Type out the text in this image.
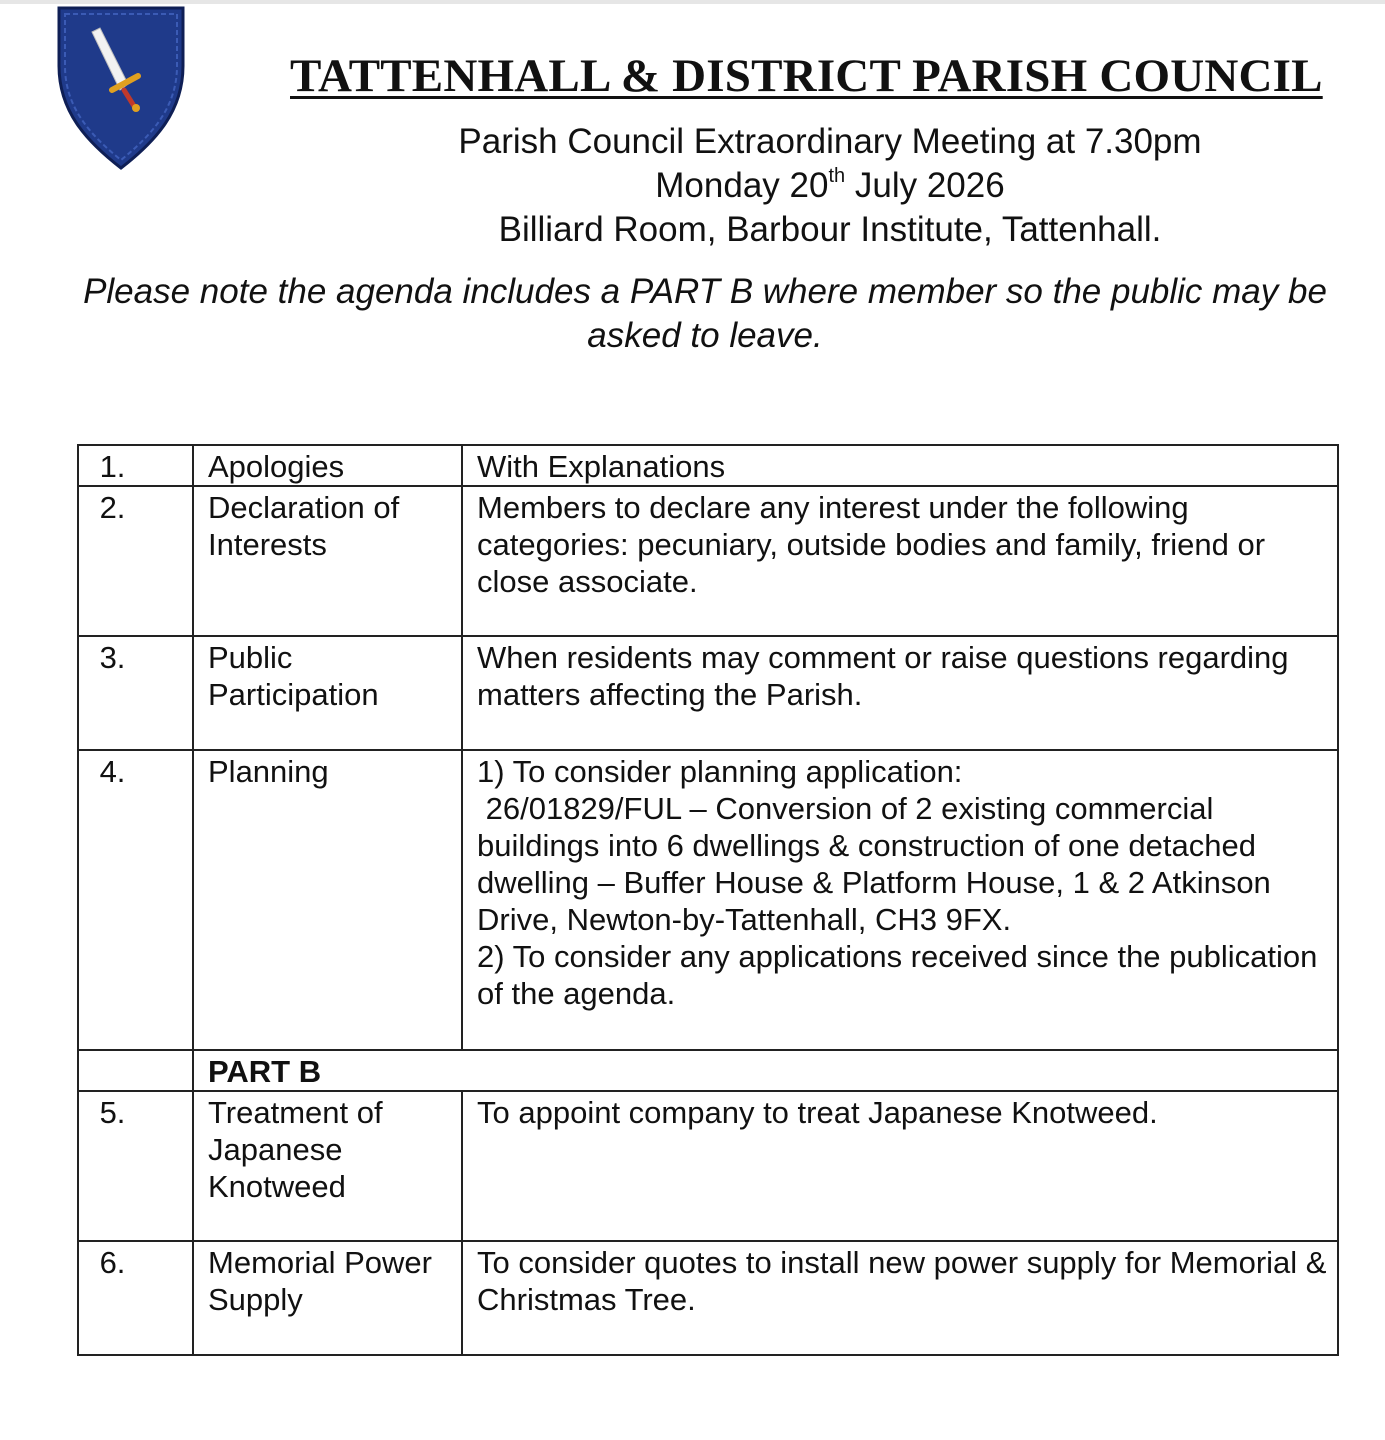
TATTENHALL & DISTRICT PARISH COUNCIL
Parish Council Extraordinary Meeting at 7.30pm
Monday 20th July 2026
Billiard Room, Barbour Institute, Tattenhall.
Please note the agenda includes a PART B where member so the public may be
asked to leave.
1.	Apologies	With Explanations
2.	Declaration of Interests	Members to declare any interest under the following categories: pecuniary, outside bodies and family, friend or close associate.
3.	Public Participation	When residents may comment or raise questions regarding matters affecting the Parish.
4.	Planning	1) To consider planning application:
26/01829/FUL – Conversion of 2 existing commercial buildings into 6 dwellings & construction of one detached dwelling – Buffer House & Platform House, 1 & 2 Atkinson Drive, Newton-by-Tattenhall, CH3 9FX.
2) To consider any applications received since the publication of the agenda.

	PART B	
5.	Treatment of Japanese Knotweed	To appoint company to treat Japanese Knotweed.
6.	Memorial Power Supply	To consider quotes to install new power supply for Memorial & Christmas Tree.
